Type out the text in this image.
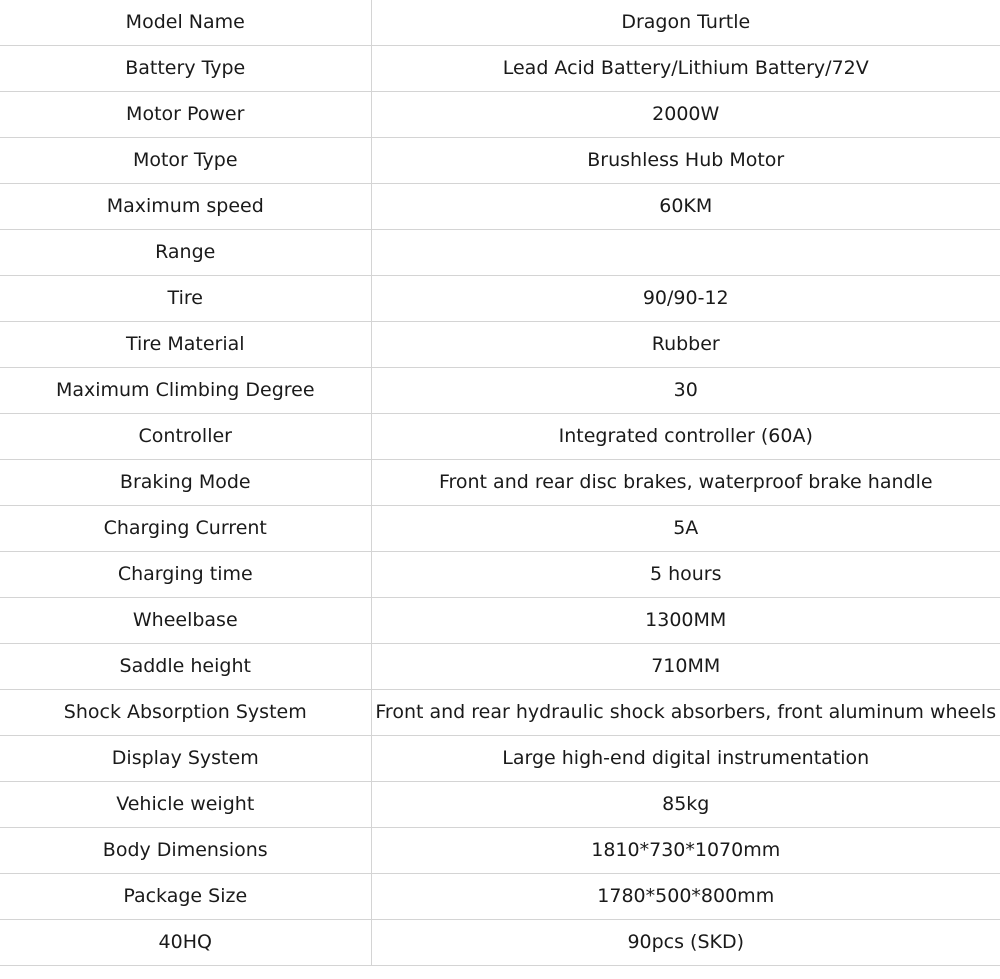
Model Name	Dragon Turtle
Battery Type	Lead Acid Battery/Lithium Battery/72V
Motor Power	2000W
Motor Type	Brushless Hub Motor
Maximum speed	60KM
Range	
Tire	90/90-12
Tire Material	Rubber
Maximum Climbing Degree	30
Controller	Integrated controller (60A)
Braking Mode	Front and rear disc brakes, waterproof brake handle
Charging Current	5A
Charging time	5 hours
Wheelbase	1300MM
Saddle height	710MM
Shock Absorption System	Front and rear hydraulic shock absorbers, front aluminum wheels
Display System	Large high-end digital instrumentation
Vehicle weight	85kg
Body Dimensions	1810*730*1070mm
Package Size	1780*500*800mm
40HQ	90pcs (SKD)
